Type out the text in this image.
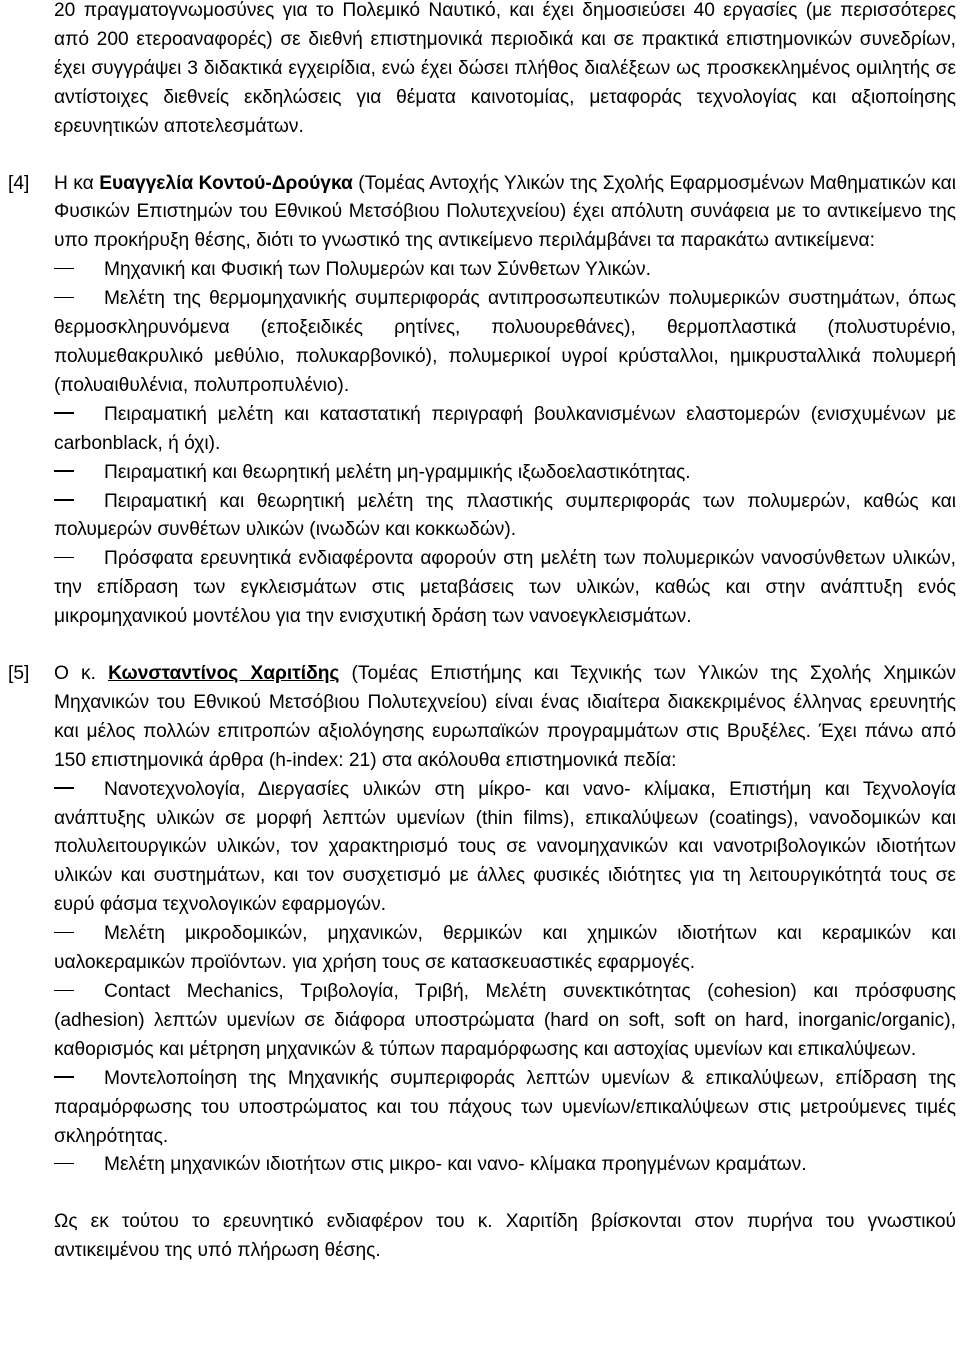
20 πραγματογνωμοσύνες για το Πολεμικό Ναυτικό, και έχει δημοσιεύσει 40 εργασίες (με περισσότερες από 200 ετεροαναφορές) σε διεθνή επιστημονικά περιοδικά και σε πρακτικά επιστημονικών συνεδρίων, έχει συγγράψει 3 διδακτικά εγχειρίδια, ενώ έχει δώσει πλήθος διαλέξεων ως προσκεκλημένος ομιλητής σε αντίστοιχες διεθνείς εκδηλώσεις για θέματα καινοτομίας, μεταφοράς τεχνολογίας και αξιοποίησης ερευνητικών αποτελεσμάτων.

[4] Η κα Ευαγγελία Κοντού-Δρούγκα (Τομέας Αντοχής Υλικών της Σχολής Εφαρμοσμένων Μαθηματικών και Φυσικών Επιστημών του Εθνικού Μετσόβιου Πολυτεχνείου) έχει απόλυτη συνάφεια με το αντικείμενο της υπο προκήρυξη θέσης, διότι το γνωστικό της αντικείμενο περιλάμβάνει τα παρακάτω αντικείμενα:

Μηχανική και Φυσική των Πολυμερών και των Σύνθετων Υλικών.
Μελέτη της θερμομηχανικής συμπεριφοράς αντιπροσωπευτικών πολυμερικών συστημάτων, όπως θερμοσκληρυνόμενα (εποξειδικές ρητίνες, πολυουρεθάνες), θερμοπλαστικά (πολυστυρένιο, πολυμεθακρυλικό μεθύλιο, πολυκαρβονικό), πολυμερικοί υγροί κρύσταλλοι, ημικρυσταλλικά πολυμερή (πολυαιθυλένια, πολυπροπυλένιο).
Πειραματική μελέτη και καταστατική περιγραφή βουλκανισμένων ελαστομερών (ενισχυμένων με carbonblack, ή όχι).
Πειραματική και θεωρητική μελέτη μη-γραμμικής ιξωδοελαστικότητας.
Πειραματική και θεωρητική μελέτη της πλαστικής συμπεριφοράς των πολυμερών, καθώς και πολυμερών συνθέτων υλικών (ινωδών και κοκκωδών).
Πρόσφατα ερευνητικά ενδιαφέροντα αφορούν στη μελέτη των πολυμερικών νανοσύνθετων υλικών, την επίδραση των εγκλεισμάτων στις μεταβάσεις των υλικών, καθώς και στην ανάπτυξη ενός μικρομηχανικού μοντέλου για την ενισχυτική δράση των νανοεγκλεισμάτων.
[5] Ο κ. Κωνσταντίνος Χαριτίδης (Τομέας Επιστήμης και Τεχνικής των Υλικών της Σχολής Χημικών Μηχανικών του Εθνικού Μετσόβιου Πολυτεχνείου) είναι ένας ιδιαίτερα διακεκριμένος έλληνας ερευνητής και μέλος πολλών επιτροπών αξιολόγησης ευρωπαϊκών προγραμμάτων στις Βρυξέλες. Έχει πάνω από 150 επιστημονικά άρθρα (h-index: 21) στα ακόλουθα επιστημονικά πεδία:

Νανοτεχνολογία, Διεργασίες υλικών στη μίκρο- και νανο- κλίμακα, Επιστήμη και Τεχνολογία ανάπτυξης υλικών σε μορφή λεπτών υμενίων (thin films), επικαλύψεων (coatings), νανοδομικών και πολυλειτουργικών υλικών, τον χαρακτηρισμό τους σε νανομηχανικών και νανοτριβολογικών ιδιοτήτων υλικών και συστημάτων, και τον συσχετισμό με άλλες φυσικές ιδιότητες για τη λειτουργικότητά τους σε ευρύ φάσμα τεχνολογικών εφαρμογών.
Μελέτη μικροδομικών, μηχανικών, θερμικών και χημικών ιδιοτήτων και κεραμικών και υαλοκεραμικών προϊόντων. για χρήση τους σε κατασκευαστικές εφαρμογές.
Contact Mechanics, Τριβολογία, Τριβή, Μελέτη συνεκτικότητας (cohesion) και πρόσφυσης (adhesion) λεπτών υμενίων σε διάφορα υποστρώματα (hard on soft, soft on hard, inorganic/organic), καθορισμός και μέτρηση μηχανικών & τύπων παραμόρφωσης και αστοχίας υμενίων και επικαλύψεων.
Μοντελοποίηση της Μηχανικής συμπεριφοράς λεπτών υμενίων & επικαλύψεων, επίδραση της παραμόρφωσης του υποστρώματος και του πάχους των υμενίων/επικαλύψεων στις μετρούμενες τιμές σκληρότητας.
Μελέτη μηχανικών ιδιοτήτων στις μικρο- και νανο- κλίμακα προηγμένων κραμάτων.

Ως εκ τούτου το ερευνητικό ενδιαφέρον του κ. Χαριτίδη βρίσκονται στον πυρήνα του γνωστικού αντικειμένου της υπό πλήρωση θέσης.
